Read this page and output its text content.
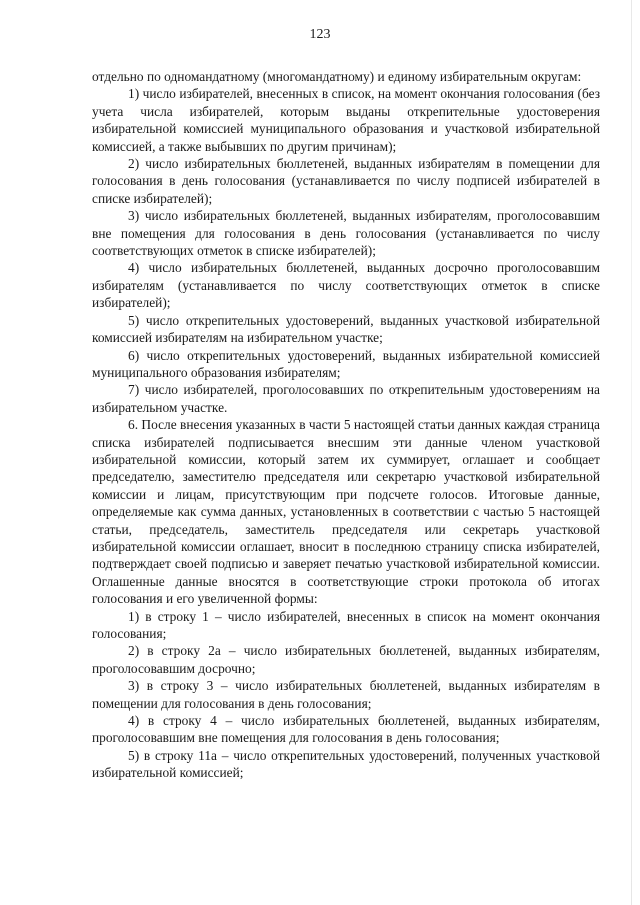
123

отдельно по одномандатному (многомандатному) и единому избирательным округам:

1) число избирателей, внесенных в список, на момент окончания голосования (без учета числа избирателей, которым выданы открепительные удостоверения избирательной комиссией муниципального образования и участковой избирательной комиссией, а также выбывших по другим причинам);

2) число избирательных бюллетеней, выданных избирателям в помещении для голосования в день голосования (устанавливается по числу подписей избирателей в списке избирателей);

3) число избирательных бюллетеней, выданных избирателям, проголосовавшим вне помещения для голосования в день голосования (устанавливается по числу соответствующих отметок в списке избирателей);

4) число избирательных бюллетеней, выданных досрочно проголосовавшим избирателям (устанавливается по числу соответствующих отметок в списке избирателей);

5) число открепительных удостоверений, выданных участковой избирательной комиссией избирателям на избирательном участке;

6) число открепительных удостоверений, выданных избирательной комиссией муниципального образования избирателям;

7) число избирателей, проголосовавших по открепительным удостоверениям на избирательном участке.

6. После внесения указанных в части 5 настоящей статьи данных каждая страница списка избирателей подписывается внесшим эти данные членом участковой избирательной комиссии, который затем их суммирует, оглашает и сообщает председателю, заместителю председателя или секретарю участковой избирательной комиссии и лицам, присутствующим при подсчете голосов. Итоговые данные, определяемые как сумма данных, установленных в соответствии с частью 5 настоящей статьи, председатель, заместитель председателя или секретарь участковой избирательной комиссии оглашает, вносит в последнюю страницу списка избирателей, подтверждает своей подписью и заверяет печатью участковой избирательной комиссии. Оглашенные данные вносятся в соответствующие строки протокола об итогах голосования и его увеличенной формы:

1) в строку 1 – число избирателей, внесенных в список на момент окончания голосования;

2) в строку 2а – число избирательных бюллетеней, выданных избирателям, проголосовавшим досрочно;

3) в строку 3 – число избирательных бюллетеней, выданных избирателям в помещении для голосования в день голосования;

4) в строку 4 – число избирательных бюллетеней, выданных избирателям, проголосовавшим вне помещения для голосования в день голосования;

5) в строку 11а – число открепительных удостоверений, полученных участковой избирательной комиссией;
